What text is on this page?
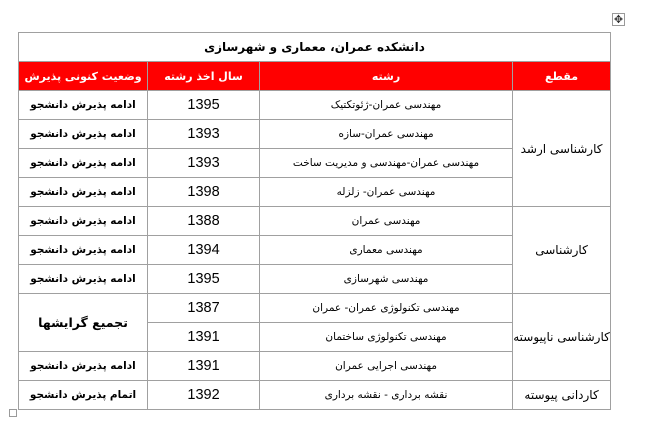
✥
دانشکده عمران، معماری و شهرسازی			
مقطع	رشته	سال اخذ رشته	وضعیت کنونی پذیرش
کارشناسی ارشد	مهندسی عمران-ژئوتکتیک	1395	ادامه پذیرش دانشجو
	مهندسی عمران-سازه	1393	ادامه پذیرش دانشجو
	مهندسی عمران-مهندسی و مدیریت ساخت	1393	ادامه پذیرش دانشجو
	مهندسی عمران- زلزله	1398	ادامه پذیرش دانشجو
کارشناسی	مهندسی عمران	1388	ادامه پذیرش دانشجو
	مهندسی معماری	1394	ادامه پذیرش دانشجو
	مهندسی شهرسازی	1395	ادامه پذیرش دانشجو
کارشناسی ناپیوسته	مهندسی تکنولوژی عمران- عمران	1387	تجمیع گرایشها
	مهندسی تکنولوژی ساختمان	1391	
	مهندسی اجرایی عمران	1391	ادامه پذیرش دانشجو
کاردانی پیوسته	نقشه برداری - نقشه برداری	1392	اتمام پذیرش دانشجو
